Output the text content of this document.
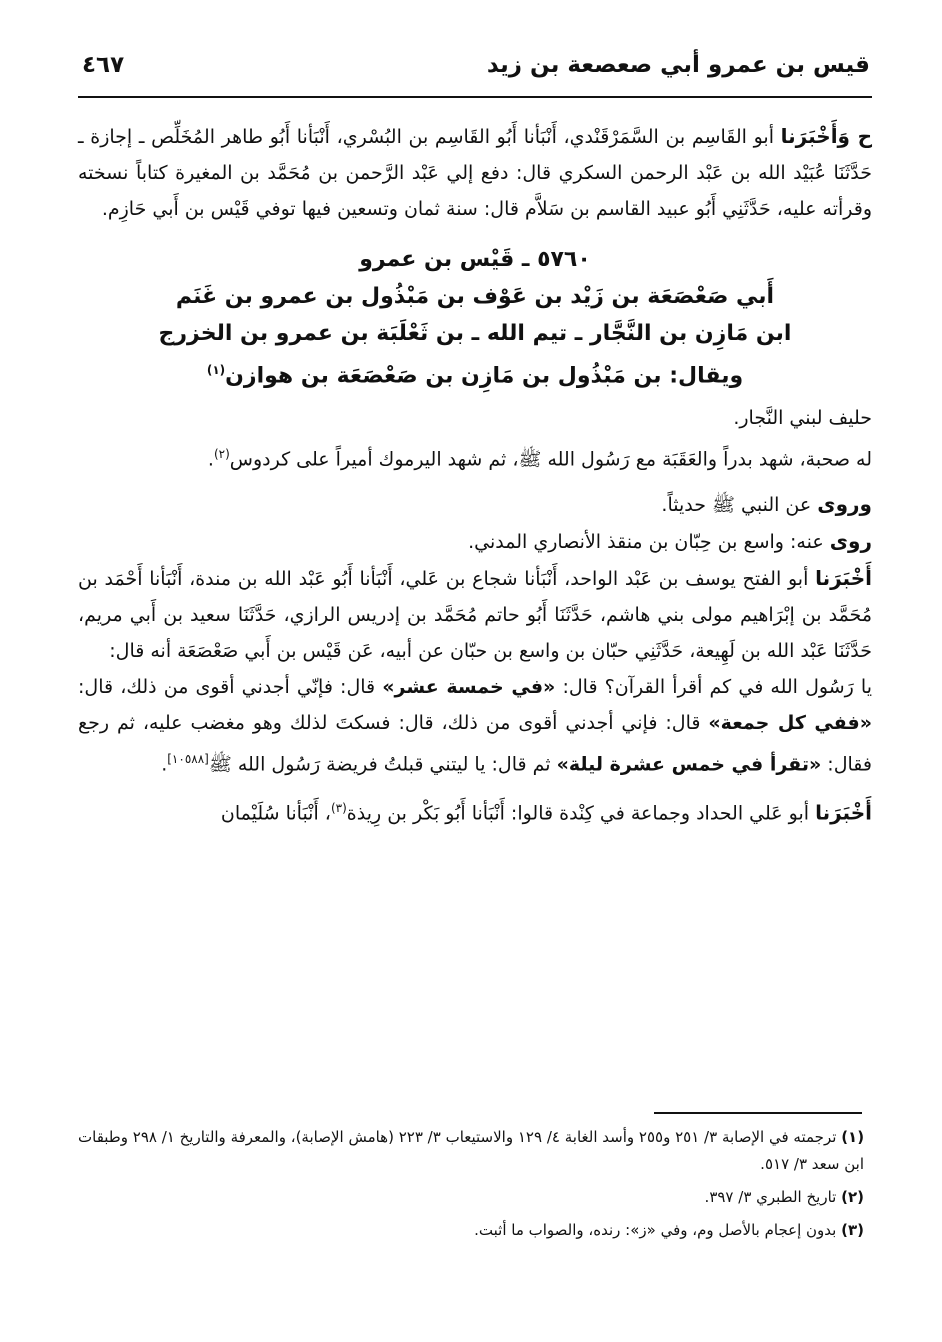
قيس بن عمرو أبي صعصعة بن زيد
٤٦٧

ح وَأَخْبَرَنا أبو القَاسِم بن السَّمَرْقَنْدي، أَنْبَأنا أَبُو القَاسِم بن البُسْري، أَنْبَأنا أَبُو طاهر المُخَلِّص ـ إجازة ـ حَدَّثَنَا عُبَيْد الله بن عَبْد الرحمن السكري قال: دفع إلي عَبْد الرَّحمن بن مُحَمَّد بن المغيرة كتاباً نسخته وقرأته عليه، حَدَّثَنِي أَبُو عبيد القاسم بن سَلاَّم قال: سنة ثمان وتسعين فيها توفي قَيْس بن أَبي حَازِم.

٥٧٦٠ ـ قَيْس بن عمرو
أَبي صَعْصَعَة بن زَيْد بن عَوْف بن مَبْذُول بن عمرو بن غَنَم
ابن مَازِن بن النَّجَّار ـ تيم الله ـ بن ثَعْلَبَة بن عمرو بن الخزرج
ويقال: بن مَبْذُول بن مَازِن بن صَعْصَعَة بن هوازن$^{(١)}$

حليف لبني النَّجار.

له صحبة، شهد بدراً والعَقَبَة مع رَسُول الله ﷺ، ثم شهد اليرموك أميراً على كردوس$^{(٢)}$.

وروى عن النبي ﷺ حديثاً.

روى عنه: واسع بن حِبّان بن منقذ الأنصاري المدني.

أَخْبَرَنا أبو الفتح يوسف بن عَبْد الواحد، أَنْبَأنا شجاع بن عَلي، أَنْبَأنا أَبُو عَبْد الله بن مندة، أَنْبَأنا أَحْمَد بن مُحَمَّد بن إبْرَاهيم مولى بني هاشم، حَدَّثَنَا أَبُو حاتم مُحَمَّد بن إدريس الرازي، حَدَّثَنَا سعيد بن أَبي مريم، حَدَّثَنَا عَبْد الله بن لَهِيعة، حَدَّثَنِي حبّان بن واسع بن حبّان عن أبيه، عَن قَيْس بن أَبي صَعْصَعَة أنه قال:

يا رَسُول الله في كم أقرأ القرآن؟ قال: «في خمسة عشر» قال: فإنّي أجدني أقوى من ذلك، قال: «ففي كل جمعة» قال: فإني أجدني أقوى من ذلك، قال: فسكتَ لذلك وهو مغضب عليه، ثم رجع فقال: «تقرأ في خمس عشرة ليلة» ثم قال: يا ليتني قبلتُ فريضة رَسُول الله ﷺ[١٠٥٨٨].

أَخْبَرَنا أبو عَلي الحداد وجماعة في كِنْدة قالوا: أَنْبَأنا أَبُو بَكْر بن رِيذة$^{(٣)}$، أَنْبَأنا سُلَيْمان

(١) ترجمته في الإصابة ٣/ ٢٥١ و٢٥٥ وأسد الغابة ٤/ ١٢٩ والاستيعاب ٣/ ٢٢٣ (هامش الإصابة)، والمعرفة والتاريخ ١/ ٢٩٨ وطبقات ابن سعد ٣/ ٥١٧.

(٢) تاريخ الطبري ٣/ ٣٩٧.

(٣) بدون إعجام بالأصل وم، وفي «ز»: رنده، والصواب ما أثبت.
